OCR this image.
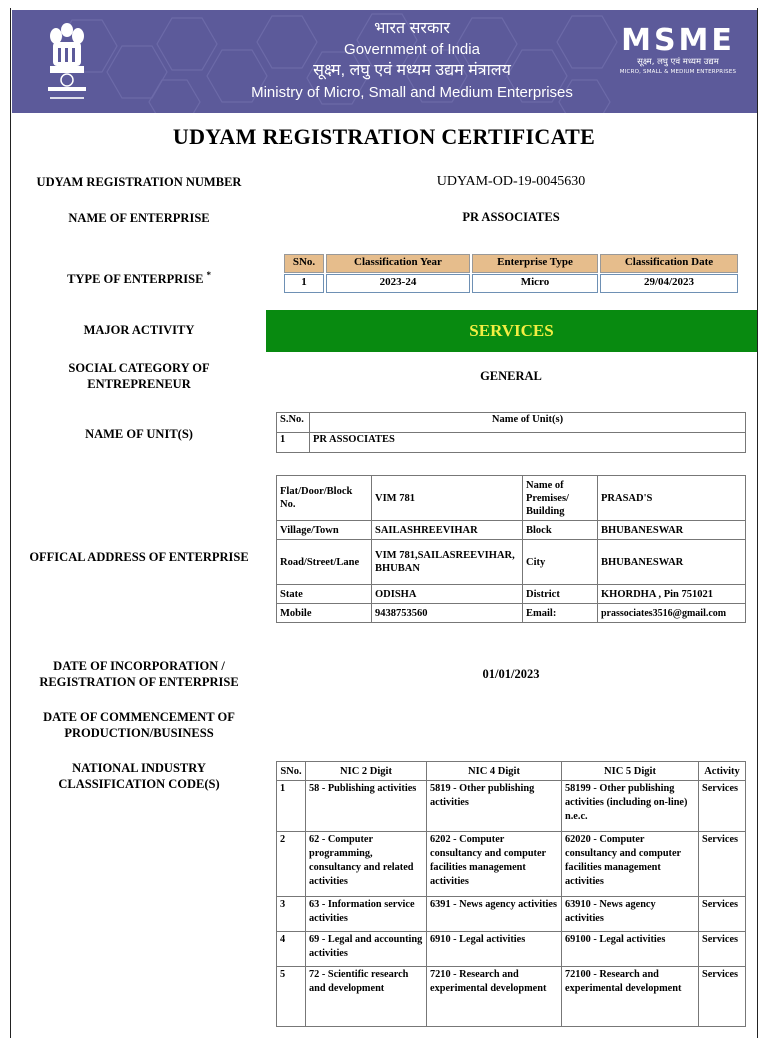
भारत सरकार
Government of India
सूक्ष्म, लघु एवं मध्यम उद्यम मंत्रालय
Ministry of Micro, Small and Medium Enterprises
MSME
सूक्ष्म, लघु एवं मध्यम उद्यम
MICRO, SMALL & MEDIUM ENTERPRISES
UDYAM REGISTRATION CERTIFICATE
UDYAM REGISTRATION NUMBER	UDYAM-OD-19-0045630
NAME OF ENTERPRISE	PR ASSOCIATES
TYPE OF ENTERPRISE *
SNo.	Classification Year	Enterprise Type	Classification Date
1	2023-24	Micro	29/04/2023
MAJOR ACTIVITY	SERVICES
SOCIAL CATEGORY OF ENTREPRENEUR
GENERAL
NAME OF UNIT(S)
S.No.	Name of Unit(s)
1	PR ASSOCIATES
OFFICAL ADDRESS OF ENTERPRISE
Flat/Door/Block No.	VIM 781	Name of Premises/ Building	PRASAD'S
Village/Town	SAILASHREEVIHAR	Block	BHUBANESWAR
Road/Street/Lane	VIM 781,SAILASREEVIHAR, BHUBAN	City	BHUBANESWAR
State	ODISHA	District	KHORDHA , Pin 751021
Mobile	9438753560	Email:	prassociates3516@gmail.com
DATE OF INCORPORATION / REGISTRATION OF ENTERPRISE
01/01/2023
DATE OF COMMENCEMENT OF PRODUCTION/BUSINESS
NATIONAL INDUSTRY CLASSIFICATION CODE(S)
SNo.	NIC 2 Digit	NIC 4 Digit	NIC 5 Digit	Activity
1	58 - Publishing activities	5819 - Other publishing activities	58199 - Other publishing activities (including on-line) n.e.c.	Services
2	62 - Computer programming, consultancy and related activities	6202 - Computer consultancy and computer facilities management activities	62020 - Computer consultancy and computer facilities management activities	Services
3	63 - Information service activities	6391 - News agency activities	63910 - News agency activities	Services
4	69 - Legal and accounting activities	6910 - Legal activities	69100 - Legal activities	Services
5	72 - Scientific research and development	7210 - Research and experimental development	72100 - Research and experimental development	Services
